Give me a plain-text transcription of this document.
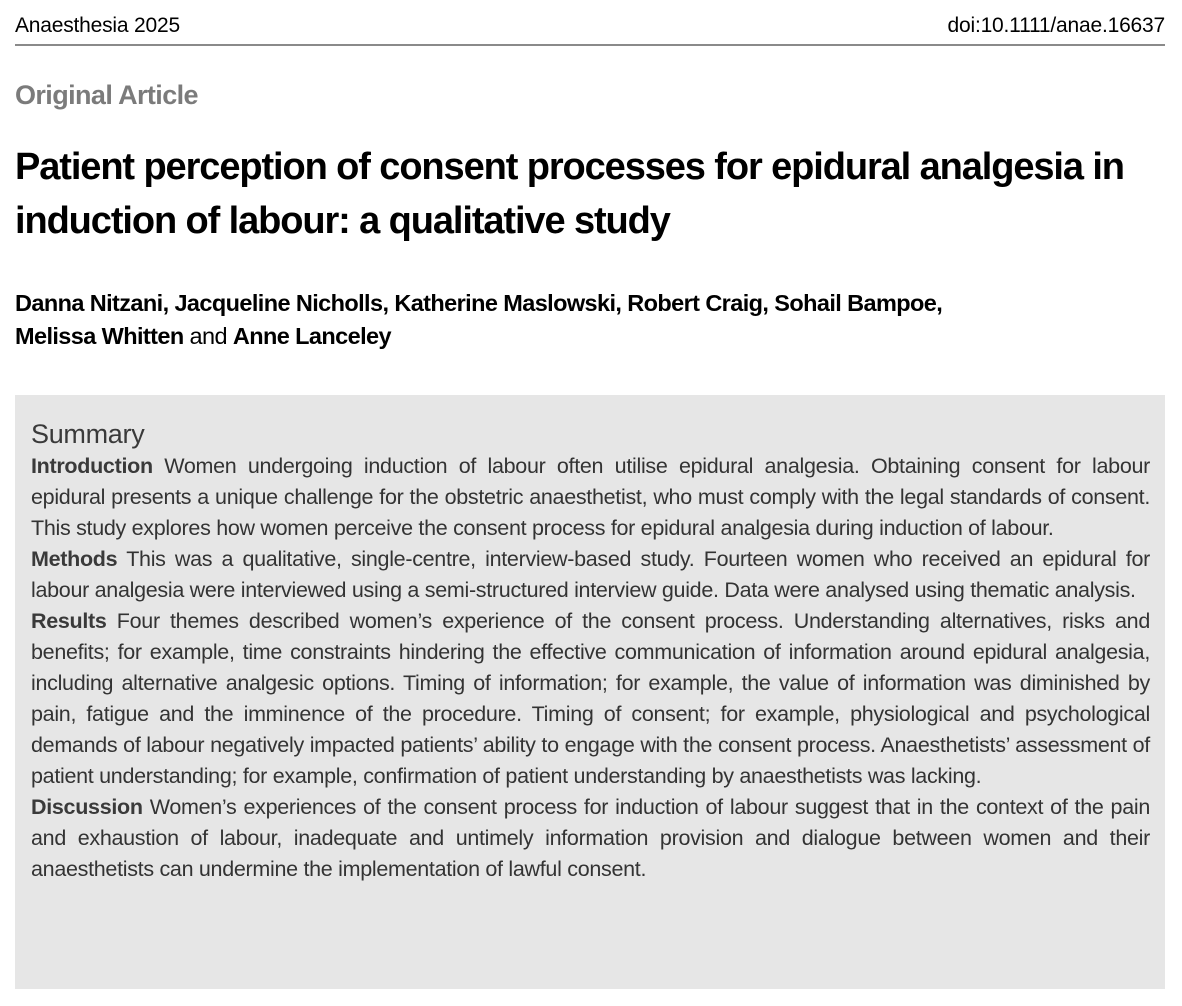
Anaesthesia 2025	doi:10.1111/anae.16637
Original Article
Patient perception of consent processes for epidural analgesia in induction of labour: a qualitative study
Danna Nitzani, Jacqueline Nicholls, Katherine Maslowski, Robert Craig, Sohail Bampoe,
Melissa Whitten and Anne Lanceley
Summary

Introduction Women undergoing induction of labour often utilise epidural analgesia. Obtaining consent for labour epidural presents a unique challenge for the obstetric anaesthetist, who must comply with the legal standards of consent. This study explores how women perceive the consent process for epidural analgesia during induction of labour.

Methods This was a qualitative, single-centre, interview-based study. Fourteen women who received an epidural for labour analgesia were interviewed using a semi-structured interview guide. Data were analysed using thematic analysis.

Results Four themes described women’s experience of the consent process. Understanding alternatives, risks and benefits; for example, time constraints hindering the effective communication of information around epidural analgesia, including alternative analgesic options. Timing of information; for example, the value of information was diminished by pain, fatigue and the imminence of the procedure. Timing of consent; for example, physiological and psychological demands of labour negatively impacted patients’ ability to engage with the consent process. Anaesthetists’ assessment of patient understanding; for example, confirmation of patient understanding by anaesthetists was lacking.

Discussion Women’s experiences of the consent process for induction of labour suggest that in the context of the pain and exhaustion of labour, inadequate and untimely information provision and dialogue between women and their anaesthetists can undermine the implementation of lawful consent.
